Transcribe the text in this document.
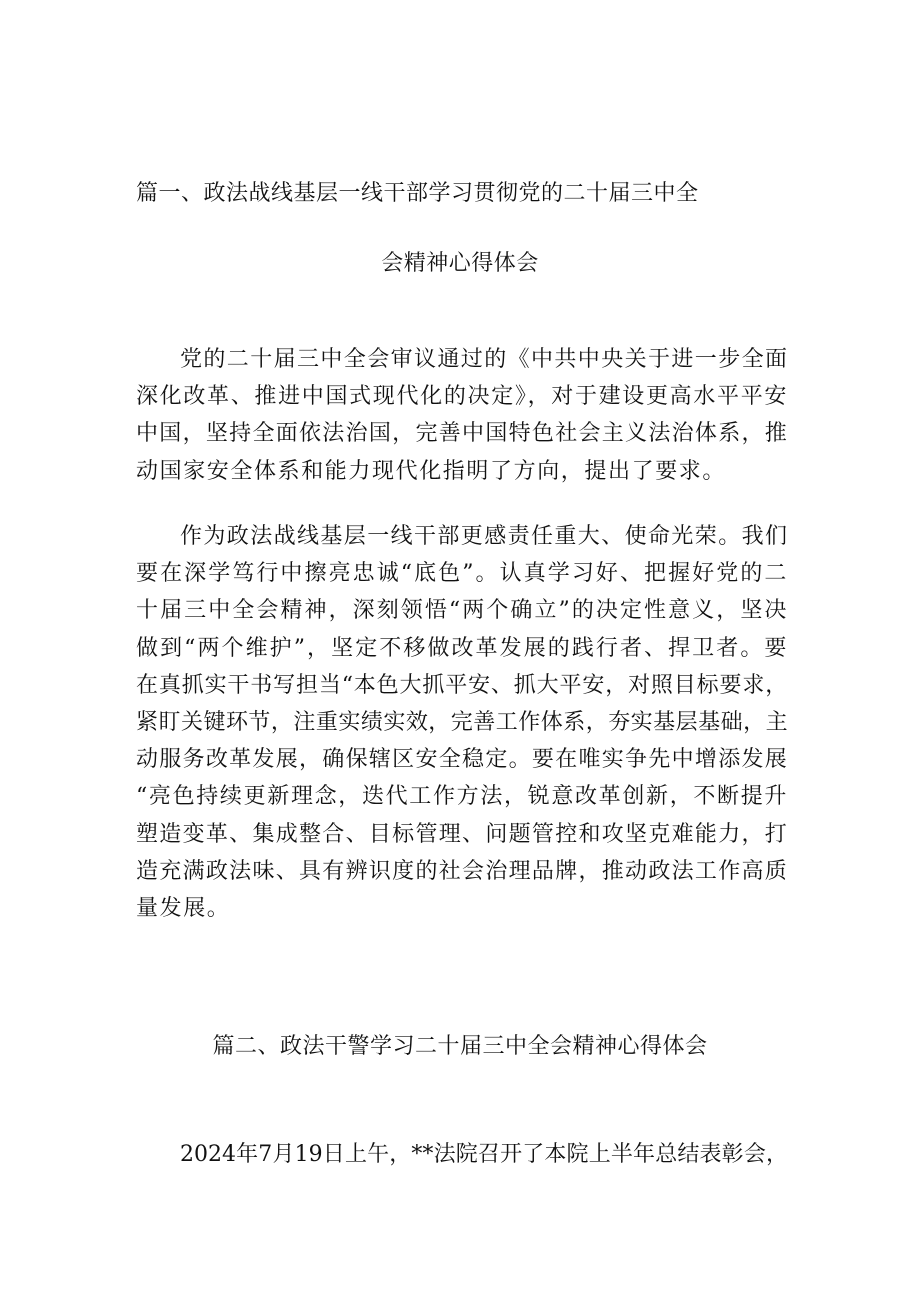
篇一、政法战线基层一线干部学习贯彻党的二十届三中全
会精神心得体会
党的二十届三中全会审议通过的《中共中央关于进一步全面
深化改革、推进中国式现代化的决定》，对于建设更高水平平安
中国，坚持全面依法治国，完善中国特色社会主义法治体系，推
动国家安全体系和能力现代化指明了方向，提出了要求。
作为政法战线基层一线干部更感责任重大、使命光荣。我们
要在深学笃行中擦亮忠诚“底色”。认真学习好、把握好党的二
十届三中全会精神，深刻领悟“两个确立”的决定性意义，坚决
做到“两个维护”，坚定不移做改革发展的践行者、捍卫者。要
在真抓实干书写担当“本色大抓平安、抓大平安，对照目标要求，
紧盯关键环节，注重实绩实效，完善工作体系，夯实基层基础，主
动服务改革发展，确保辖区安全稳定。要在唯实争先中增添发展
“亮色持续更新理念，迭代工作方法，锐意改革创新，不断提升
塑造变革、集成整合、目标管理、问题管控和攻坚克难能力，打
造充满政法味、具有辨识度的社会治理品牌，推动政法工作高质
量发展。
篇二、政法干警学习二十届三中全会精神心得体会
2024年7月19日上午，**法院召开了本院上半年总结表彰会，
